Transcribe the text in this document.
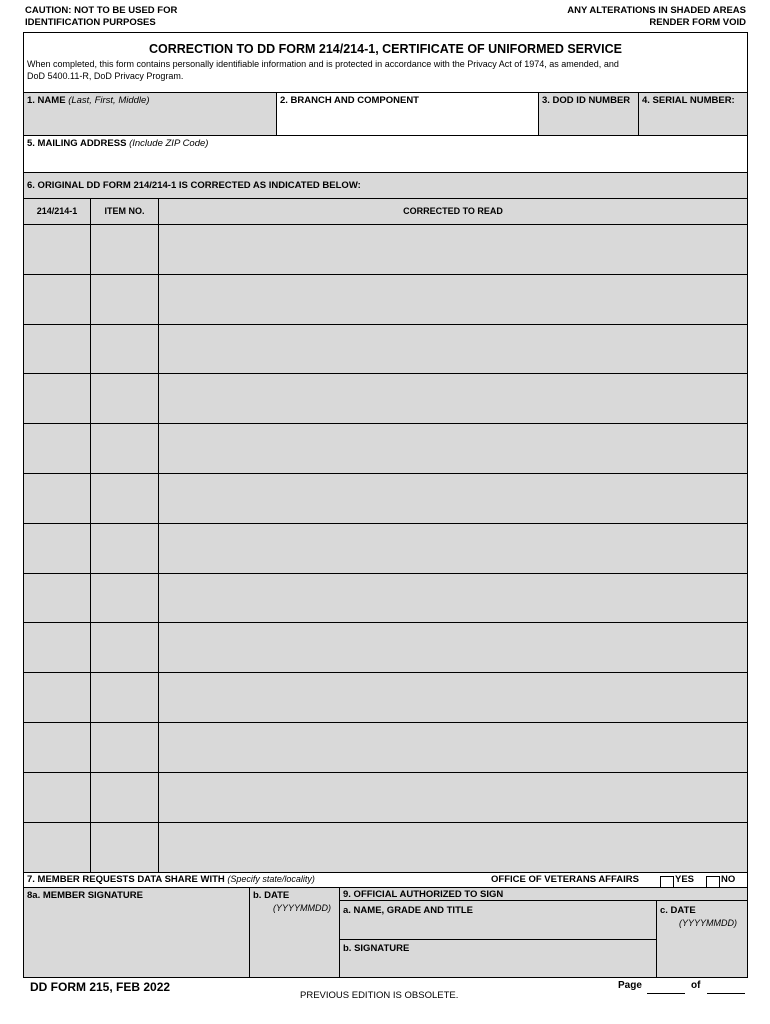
CAUTION: NOT TO BE USED FOR
IDENTIFICATION PURPOSES
ANY ALTERATIONS IN SHADED AREAS
RENDER FORM VOID
CORRECTION TO DD FORM 214/214-1, CERTIFICATE OF UNIFORMED SERVICE
When completed, this form contains personally identifiable information and is protected in accordance with the Privacy Act of 1974, as amended, and
DoD 5400.11-R, DoD Privacy Program.
1. NAME (Last, First, Middle)	2. BRANCH AND COMPONENT	3. DOD ID NUMBER	4. SERIAL NUMBER:
5. MAILING ADDRESS (Include ZIP Code)
6. ORIGINAL DD FORM 214/214-1 IS CORRECTED AS INDICATED BELOW:
214/214-1	ITEM NO.	CORRECTED TO READ
7. MEMBER REQUESTS DATA SHARE WITH (Specify state/locality)	OFFICE OF VETERANS AFFAIRS	YES	NO
8a. MEMBER SIGNATURE	b. DATE
(YYYYMMDD)
9. OFFICIAL AUTHORIZED TO SIGN
a. NAME, GRADE AND TITLE	c. DATE
(YYYYMMDD)
b. SIGNATURE
DD FORM 215, FEB 2022
PREVIOUS EDITION IS OBSOLETE.
Page	of
